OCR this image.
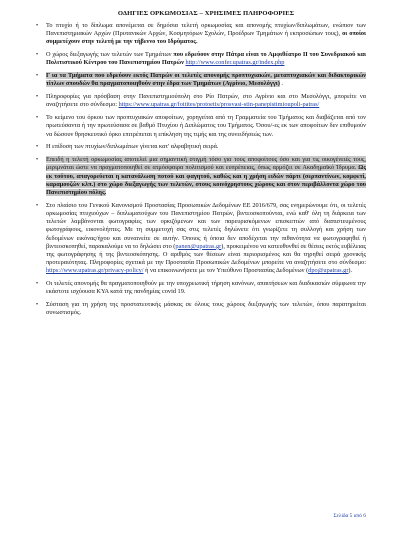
ΟΔΗΓΙΕΣ ΟΡΚΩΜΟΣΙΑΣ – ΧΡΗΣΙΜΕΣ ΠΛΗΡΟΦΟΡΙΕΣ
• Το πτυχίο ή το δίπλωμα απονέμεται σε δημόσια τελετή ορκωμοσίας και απονομής πτυχίων/διπλωμάτων, ενώπιον των Πανεπιστημιακών Αρχών (Πρυτανικών Αρχών, Κοσμητόρων Σχολών, Προέδρων Τμημάτων ή εκπροσώπων τους), οι οποίοι συμμετέχουν στην τελετή με την τήβεννο του Ιδρύματος.
• Ο χώρος διεξαγωγής των τελετών των Τμημάτων που εδρεύουν στην Πάτρα είναι το Αμφιθέατρο ΙΙ του Συνεδριακού και Πολιτιστικού Κέντρου του Πανεπιστημίου Πατρών http://www.confer.upatras.gr/index.php
• Γ ια τα Τμήματα που εδρεύουν εκτός Πατρών οι τελετές απονομής προπτυχιακών, μεταπτυχιακών και διδακτορικών τίτλων σπουδών θα πραγματοποιηθούν στην έδρα των Τμημάτων (Αγρίνιο, Μεσολόγγι) .
• Πληροφορίες για πρόσβαση στην Πανεπιστημιούπολη στο Ρίο Πατρών, στο Αγρίνιο και στο Μεσολόγγι, μπορείτε να αναζητήσετε στο σύνδεσμο: https://www.upatras.gr/foitites/protoetis/prosvasi-stin-panepistimioupoli-patras/
• Το κείμενο του όρκου των προπτυχιακών αποφοίτων, χορηγείται από τη Γραμματεία του Τμήματος και διαβάζεται από τον πρωτεύσαντα ή την πρωτεύσασα σε βαθμό Πτυχίου ή Διπλώματος του Τμήματος. Όσου/-ες εκ των αποφοίτων δεν επιθυμούν να δώσουν θρησκευτικό όρκο επιτρέπεται η επίκληση της τιμής και της συνειδήσεώς των.
• Η επίδοση των πτυχίων/διπλωμάτων γίνεται κατ' αλφαβητική σειρά.
• Επειδή η τελετή ορκωμοσίας αποτελεί μια σημαντική στιγμή τόσο για τους αποφοίτους όσο και για τις οικογένειές τους, μεριμνάται ώστε να πραγματοποιηθεί σε ατμόσφαιρα πολιτισμού και ευπρέπειας, όπως αρμόζει σε Ακαδημαϊκό Ίδρυμα. Ως εκ τούτου, απαγορεύεται η κατανάλωση ποτού και φαγητού, καθώς και η χρήση ειδών πάρτι (σερπαντίνων, κομφετί, καραμουζών κλπ.) στο χώρο διεξαγωγής των τελετών, στους κοινόχρηστους χώρους και στον περιβάλλοντα χώρο του Πανεπιστημίου πόλης.
• Στο πλαίσιο του Γενικού Κανονισμού Προστασίας Προσωπικών Δεδομένων ΕΕ 2016/679, σας ενημερώνουμε ότι, οι τελετές ορκωμοσίας πτυχιούχων – διπλωματούχων του Πανεπιστημίου Πατρών, βιντεοσκοπούνται, ενώ καθ' όλη τη διάρκεια των τελετών λαμβάνονται φωτογραφίες των ορκιζόμενων και των παρευρισκόμενων επισκεπτών από διαπιστευμένους φωτογράφους, εικονολήπτες. Με τη συμμετοχή σας στις τελετές δηλώνετε ότι γνωρίζετε τη συλλογή και χρήση των δεδομένων εικόνας/ήχου και συναινείτε σε αυτήν. Όποιος ή όποια δεν αποδέχεται την πιθανότητα να φωτογραφηθεί ή βιντεοσκοπηθεί, παρακαλούμε να το δηλώσει στο (panen@upatras.gr), προκειμένου να κατευθυνθεί σε θέσεις εκτός ευβέλειας της φωτογράφησης ή της βιντεοσκόπησης. Ο αριθμός των θέσεων είναι περιορισμένος και θα τηρηθεί σειρά χρονικής προτεραιότητας. Πληροφορίες σχετικά με την Προστασία Προσωπικών Δεδομένων μπορείτε να αναζητήσετε στο σύνδεσμο: https://www.upatras.gr/privacy-policy/ ή να επικοινωνήσετε με τον Υπεύθυνο Προστασίας Δεδομένων (dpo@upatras.gr).
• Οι τελετές απονομής θα πραγματοποιηθούν με την υποχρεωτική τήρηση κανόνων, απαιτήσεων και διαδικασιών σύμφωνα την εκάστοτε ισχύουσα ΚΥΑ κατά της πανδημίας covid 19.
• Σύσταση για τη χρήση της προστατευτικής μάσκας σε όλους τους χώρους διεξαγωγής των τελετών, όπου παρατηρείται συνωστισμός.
Σελίδα 5 από 6
